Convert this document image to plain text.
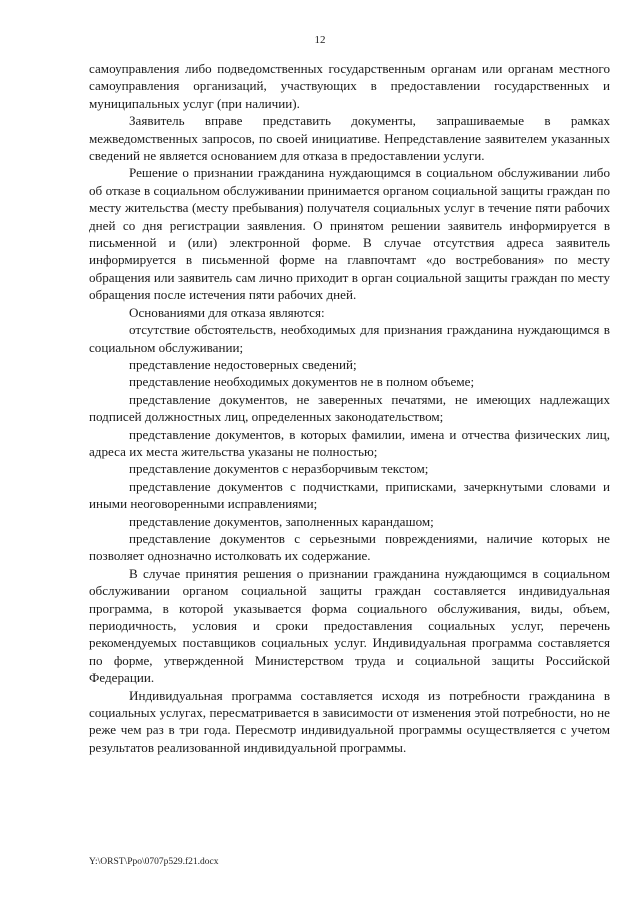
12

самоуправления либо подведомственных государственным органам или органам местного самоуправления организаций, участвующих в предоставлении государственных и муниципальных услуг (при наличии).

Заявитель вправе представить документы, запрашиваемые в рамках межведомственных запросов, по своей инициативе. Непредставление заявителем указанных сведений не является основанием для отказа в предоставлении услуги.

Решение о признании гражданина нуждающимся в социальном обслуживании либо об отказе в социальном обслуживании принимается органом социальной защиты граждан по месту жительства (месту пребывания) получателя социальных услуг в течение пяти рабочих дней со дня регистрации заявления. О принятом решении заявитель информируется в письменной и (или) электронной форме. В случае отсутствия адреса заявитель информируется в письменной форме на главпочтамт «до востребования» по месту обращения или заявитель сам лично приходит в орган социальной защиты граждан по месту обращения после истечения пяти рабочих дней.

Основаниями для отказа являются:

отсутствие обстоятельств, необходимых для признания гражданина нуждающимся в социальном обслуживании;

представление недостоверных сведений;

представление необходимых документов не в полном объеме;

представление документов, не заверенных печатями, не имеющих надлежащих подписей должностных лиц, определенных законодательством;

представление документов, в которых фамилии, имена и отчества физических лиц, адреса их места жительства указаны не полностью;

представление документов с неразборчивым текстом;

представление документов с подчистками, приписками, зачеркнутыми словами и иными неоговоренными исправлениями;

представление документов, заполненных карандашом;

представление документов с серьезными повреждениями, наличие которых не позволяет однозначно истолковать их содержание.

В случае принятия решения о признании гражданина нуждающимся в социальном обслуживании органом социальной защиты граждан составляется индивидуальная программа, в которой указывается форма социального обслуживания, виды, объем, периодичность, условия и сроки предоставления социальных услуг, перечень рекомендуемых поставщиков социальных услуг. Индивидуальная программа составляется по форме, утвержденной Министерством труда и социальной защиты Российской Федерации.

Индивидуальная программа составляется исходя из потребности гражданина в социальных услугах, пересматривается в зависимости от изменения этой потребности, но не реже чем раз в три года. Пересмотр индивидуальной программы осуществляется с учетом результатов реализованной индивидуальной программы.

Y:\ORST\Ppo\0707p529.f21.docx
